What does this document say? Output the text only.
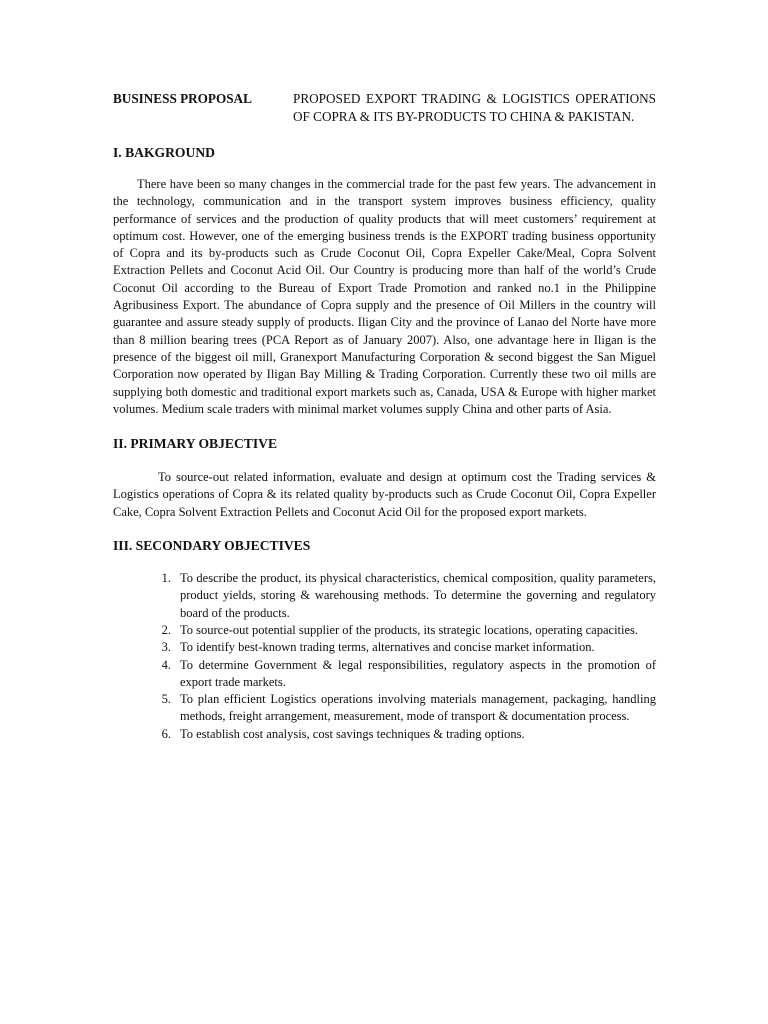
BUSINESS PROPOSAL	PROPOSED EXPORT TRADING & LOGISTICS OPERATIONS OF COPRA & ITS BY-PRODUCTS TO CHINA & PAKISTAN.
I. BAKGROUND

There have been so many changes in the commercial trade for the past few years. The advancement in the technology, communication and in the transport system improves business efficiency, quality performance of services and the production of quality products that will meet customers’ requirement at optimum cost. However, one of the emerging business trends is the EXPORT trading business opportunity of Copra and its by-products such as Crude Coconut Oil, Copra Expeller Cake/Meal, Copra Solvent Extraction Pellets and Coconut Acid Oil. Our Country is producing more than half of the world’s Crude Coconut Oil according to the Bureau of Export Trade Promotion and ranked no.1 in the Philippine Agribusiness Export. The abundance of Copra supply and the presence of Oil Millers in the country will guarantee and assure steady supply of products. Iligan City and the province of Lanao del Norte have more than 8 million bearing trees (PCA Report as of January 2007). Also, one advantage here in Iligan is the presence of the biggest oil mill, Granexport Manufacturing Corporation & second biggest the San Miguel Corporation now operated by Iligan Bay Milling & Trading Corporation. Currently these two oil mills are supplying both domestic and traditional export markets such as, Canada, USA & Europe with higher market volumes. Medium scale traders with minimal market volumes supply China and other parts of Asia.

II. PRIMARY OBJECTIVE

To source-out related information, evaluate and design at optimum cost the Trading services & Logistics operations of Copra & its related quality by-products such as Crude Coconut Oil, Copra Expeller Cake, Copra Solvent Extraction Pellets and Coconut Acid Oil for the proposed export markets.

III. SECONDARY OBJECTIVES
1. To describe the product, its physical characteristics, chemical composition, quality parameters, product yields, storing & warehousing methods. To determine the governing and regulatory board of the products.
2. To source-out potential supplier of the products, its strategic locations, operating capacities.
3. To identify best-known trading terms, alternatives and concise market information.
4. To determine Government & legal responsibilities, regulatory aspects in the promotion of export trade markets.
5. To plan efficient Logistics operations involving materials management, packaging, handling methods, freight arrangement, measurement, mode of transport & documentation process.
6. To establish cost analysis, cost savings techniques & trading options.
